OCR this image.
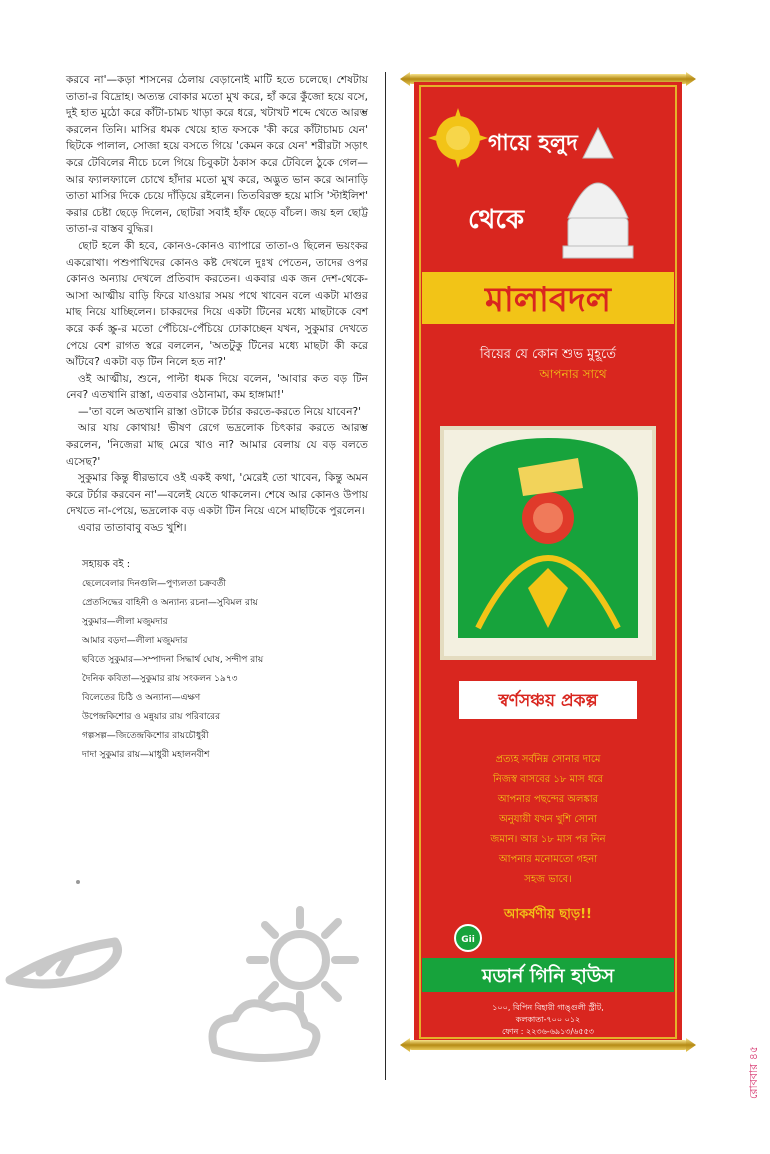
করবে না'—কড়া শাসনের ঠেলায় বেড়ানোই মাটি হতে চলেছে। শেষটায় তাতা-র বিদ্রোহ। অত্যন্ত বোকার মতো মুখ করে, হাঁ করে কুঁজো হয়ে বসে, দুই হাত মুঠো করে কাঁটা-চামচ খাড়া করে ধরে, খটাখট শব্দে খেতে আরম্ভ করলেন তিনি। মাসির ধমক খেয়ে হাত ফসকে 'কী করে কাঁটাচামচ যেন' ছিটকে পালাল, সোজা হয়ে বসতে গিয়ে 'কেমন করে যেন' শরীরটা সড়াৎ করে টেবিলের নীচে চলে গিয়ে চিবুকটা ঠকাস করে টেবিলে ঠুকে গেল—আর ফ্যালফ্যালে চোখে হাঁদার মতো মুখ করে, অদ্ভুত ভান করে আনাড়ি তাতা মাসির দিকে চেয়ে দাঁড়িয়ে রইলেন। তিতবিরক্ত হয়ে মাসি 'স্টাইলিশ' করার চেষ্টা ছেড়ে দিলেন, ছোটরা সবাই হাঁফ ছেড়ে বাঁচল। জয় হল ছোট্ট তাতা-র বাস্তব বুদ্ধির।

ছোট হলে কী হবে, কোনও-কোনও ব্যাপারে তাতা-ও ছিলেন ভয়ংকর একরোখা। পশুপাখিদের কোনও কষ্ট দেখলে দুঃখ পেতেন, তাদের ওপর কোনও অন্যায় দেখলে প্রতিবাদ করতেন। একবার এক জন দেশ-থেকে-আসা আত্মীয় বাড়ি ফিরে যাওয়ার সময় পথে খাবেন বলে একটা মাগুর মাছ নিয়ে যাচ্ছিলেন। চাকরদের দিয়ে একটা টিনের মধ্যে মাছটাকে বেশ করে কর্ক স্ক্রু-র মতো পেঁচিয়ে-পেঁচিয়ে ঢোকাচ্ছেন যখন, সুকুমার দেখতে পেয়ে বেশ রাগত স্বরে বললেন, 'অতটুকু টিনের মধ্যে মাছটা কী করে আঁটবে? একটা বড় টিন নিলে হত না?'

ওই আত্মীয়, শুনে, পাল্টা ধমক দিয়ে বলেন, 'আবার কত বড় টিন নেব? এতখানি রাস্তা, এতবার ওঠানামা, কম হাঙ্গামা!'

—'তা বলে অতখানি রাস্তা ওটাকে টর্চার করতে-করতে নিয়ে যাবেন?'

আর যায় কোথায়! ভীষণ রেগে ভদ্রলোক চিৎকার করতে আরম্ভ করলেন, 'নিজেরা মাছ মেরে খাও না? আমার বেলায় যে বড় বলতে এসেছ?'

সুকুমার কিন্তু ধীরভাবে ওই একই কথা, 'মেরেই তো খাবেন, কিন্তু অমন করে টর্চার করবেন না'—বলেই যেতে থাকলেন। শেষে আর কোনও উপায় দেখতে না-পেয়ে, ভদ্রলোক বড় একটা টিন নিয়ে এসে মাছটিকে পুরলেন।

এবার তাতাবাবু বড্ড খুশি।

সহায়ক বই :

ছেলেবেলার দিনগুলি—পুণ্যলতা চক্রবর্তী

প্রেতসিদ্ধের বাহিনী ও অন্যান্য রচনা—সুবিমল রায়

সুকুমার—লীলা মজুমদার

আমার বড়দা—লীলা মজুমদার

ছবিতে সুকুমার—সম্পাদনা সিদ্ধার্থ ঘোষ, সন্দীপ রায়

দৈনিক কবিতা—সুকুমার রায় সংকলন ১৯৭৩

বিলেতের চিঠি ও অন্যান্য—এক্ষণ

উপেন্দ্রকিশোর ও মন্নুয়ার রায় পরিবারের

গল্পসল্প—জিতেন্দ্রকিশোর রায়চৌধুরী

দাদা সুকুমার রায়—মাধুরী মহালনবীশ

গায়ে হলুদ
থেকে
মালাবদল
বিয়ের যে কোন শুভ মুহূর্তে
আপনার সাথে
স্বর্ণসঞ্চয় প্রকল্প
প্রত্যহ সর্বনিম্ন সোনার দামে
নিজস্ব বাসবের ১৮ মাস ধরে
আপনার পছন্দের অলঙ্কার
অনুযায়ী যখন খুশি সোনা
জমান। আর ১৮ মাস পর নিন
আপনার মনোমতো গহনা
সহজ ভাবে।
আকর্ষণীয় ছাড়!!
Gii
মডার্ন গিনি হাউস
১০০, বিপিন বিহারী গাঙ্গুলী স্ট্রীট,
কলকাতা-৭০০ ০১২
ফোন : ২২৩৬-৬৯১৩/৬৫৫৩
রোববার ৪৫
